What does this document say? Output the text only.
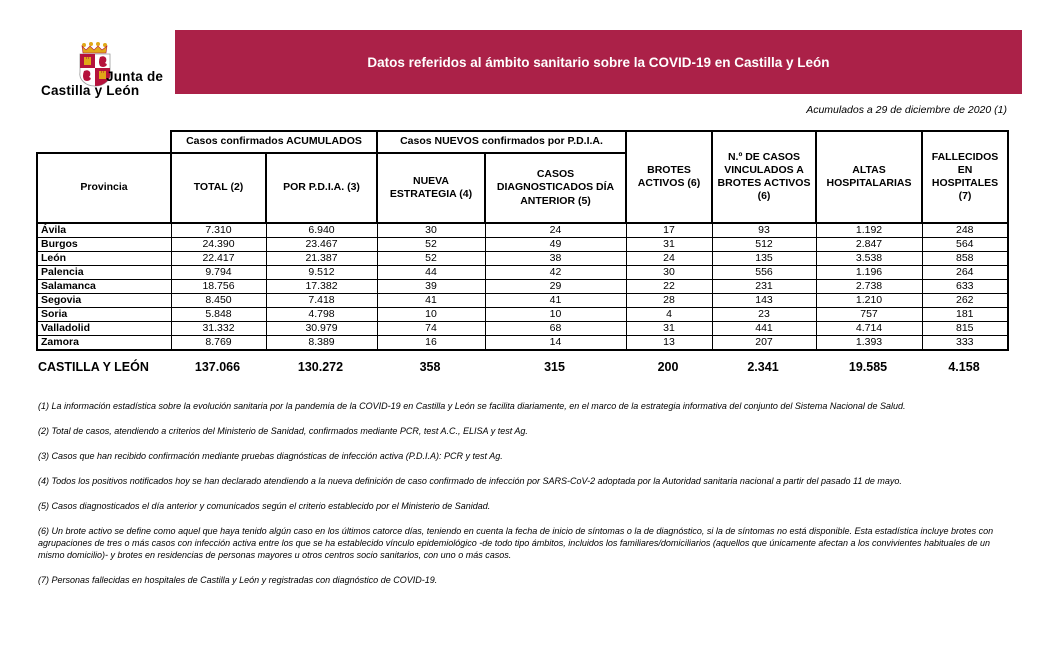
Junta de
Castilla y León
Datos referidos al ámbito sanitario sobre la COVID-19 en Castilla y León
Acumulados a 29 de diciembre de 2020 (1)
	Casos confirmados ACUMULADOS		Casos NUEVOS confirmados por P.D.I.A.		BROTES ACTIVOS (6)	N.º DE CASOS VINCULADOS A BROTES ACTIVOS (6)	ALTAS HOSPITALARIAS	FALLECIDOS EN HOSPITALES (7)
Provincia	TOTAL (2)	POR P.D.I.A. (3)	NUEVA ESTRATEGIA (4)	CASOS DIAGNOSTICADOS DÍA ANTERIOR (5)				
Ávila	7.310	6.940	30	24	17	93	1.192	248
Burgos	24.390	23.467	52	49	31	512	2.847	564
León	22.417	21.387	52	38	24	135	3.538	858
Palencia	9.794	9.512	44	42	30	556	1.196	264
Salamanca	18.756	17.382	39	29	22	231	2.738	633
Segovia	8.450	7.418	41	41	28	143	1.210	262
Soria	5.848	4.798	10	10	4	23	757	181
Valladolid	31.332	30.979	74	68	31	441	4.714	815
Zamora	8.769	8.389	16	14	13	207	1.393	333
CASTILLA Y LEÓN	137.066	130.272	358	315	200	2.341	19.585	4.158

(1) La información estadística sobre la evolución sanitaria por la pandemia de la COVID-19 en Castilla y León se facilita diariamente, en el marco de la estrategia informativa del conjunto del Sistema Nacional de Salud.

(2) Total de casos, atendiendo a criterios del Ministerio de Sanidad, confirmados mediante PCR, test A.C., ELISA y test Ag.

(3) Casos que han recibido confirmación mediante pruebas diagnósticas de infección activa (P.D.I.A): PCR y test Ag.

(4) Todos los positivos notificados hoy se han declarado atendiendo a la nueva definición de caso confirmado de infección por SARS-CoV-2 adoptada por la Autoridad sanitaria nacional a partir del pasado 11 de mayo.

(5) Casos diagnosticados el día anterior y comunicados según el criterio establecido por el Ministerio de Sanidad.

(6) Un brote activo se define como aquel que haya tenido algún caso en los últimos catorce días, teniendo en cuenta la fecha de inicio de síntomas o la de diagnóstico, si la de síntomas no está disponible. Esta estadística incluye brotes con agrupaciones de tres o más casos con infección activa entre los que se ha establecido vínculo epidemiológico -de todo tipo ámbitos, incluidos los familiares/domiciliarios (aquellos que únicamente afectan a los convivientes habituales de un mismo domicilio)- y brotes en residencias de personas mayores u otros centros socio sanitarios, con uno o más casos.

(7) Personas fallecidas en hospitales de Castilla y León y registradas con diagnóstico de COVID-19.
